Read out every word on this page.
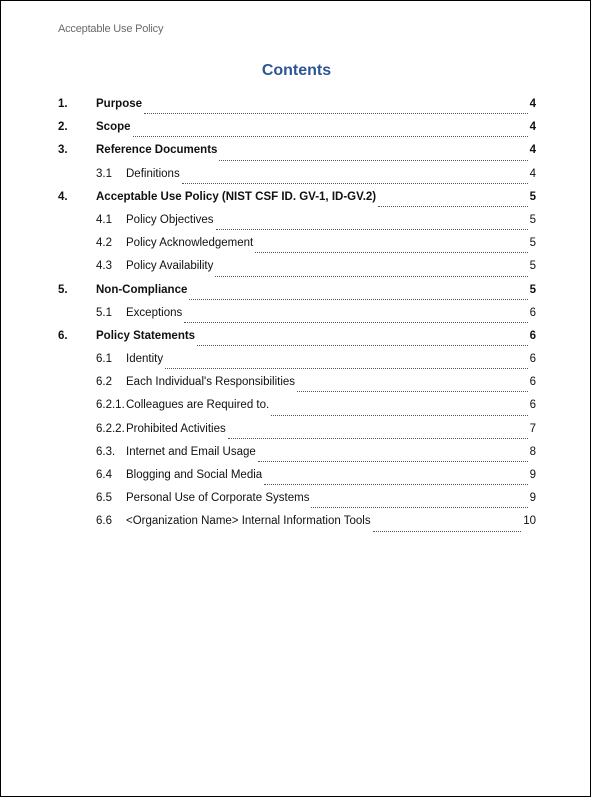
Acceptable Use Policy
Contents
1. Purpose	4
2. Scope	4
3. Reference Documents	4
3.1 Definitions	4
4. Acceptable Use Policy (NIST CSF ID. GV-1, ID-GV.2)	5
4.1 Policy Objectives	5
4.2 Policy Acknowledgement	5
4.3 Policy Availability	5
5. Non-Compliance	5
5.1 Exceptions	6
6. Policy Statements	6
6.1 Identity	6
6.2 Each Individual's Responsibilities	6
6.2.1. Colleagues are Required to.	6
6.2.2. Prohibited Activities	7
6.3. Internet and Email Usage	8
6.4 Blogging and Social Media	9
6.5 Personal Use of Corporate Systems	9
6.6 <Organization Name> Internal Information Tools	10
